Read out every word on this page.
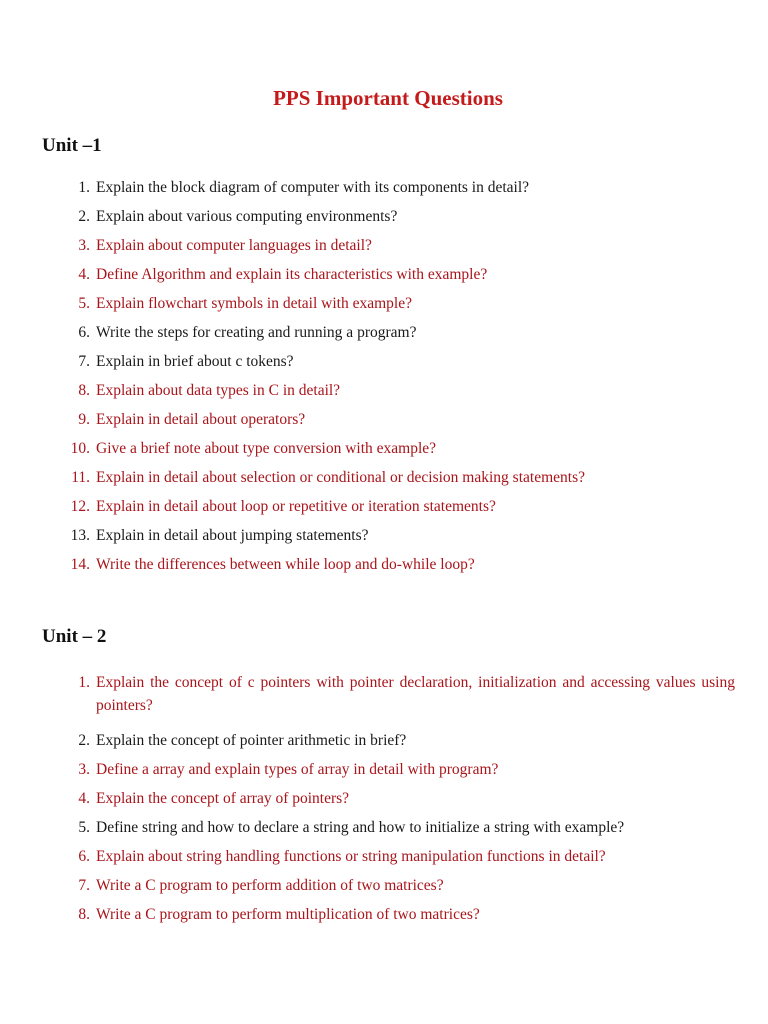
PPS Important Questions
Unit –1
1. Explain the block diagram of computer with its components in detail?
2. Explain about various computing environments?
3. Explain about computer languages in detail?
4. Define Algorithm and explain its characteristics with example?
5. Explain flowchart symbols in detail with example?
6. Write the steps for creating and running a program?
7. Explain in brief about c tokens?
8. Explain about data types in C in detail?
9. Explain in detail about operators?
10. Give a brief note about type conversion with example?
11. Explain in detail about selection or conditional or decision making statements?
12. Explain in detail about loop or repetitive or iteration statements?
13. Explain in detail about jumping statements?
14. Write the differences between while loop and do-while loop?
Unit – 2
1. Explain the concept of c pointers with pointer declaration, initialization and accessing values using pointers?
2. Explain the concept of pointer arithmetic in brief?
3. Define a array and explain types of array in detail with program?
4. Explain the concept of array of pointers?
5. Define string and how to declare a string and how to initialize a string with example?
6. Explain about string handling functions or string manipulation functions in detail?
7. Write a C program to perform addition of two matrices?
8. Write a C program to perform multiplication of two matrices?
